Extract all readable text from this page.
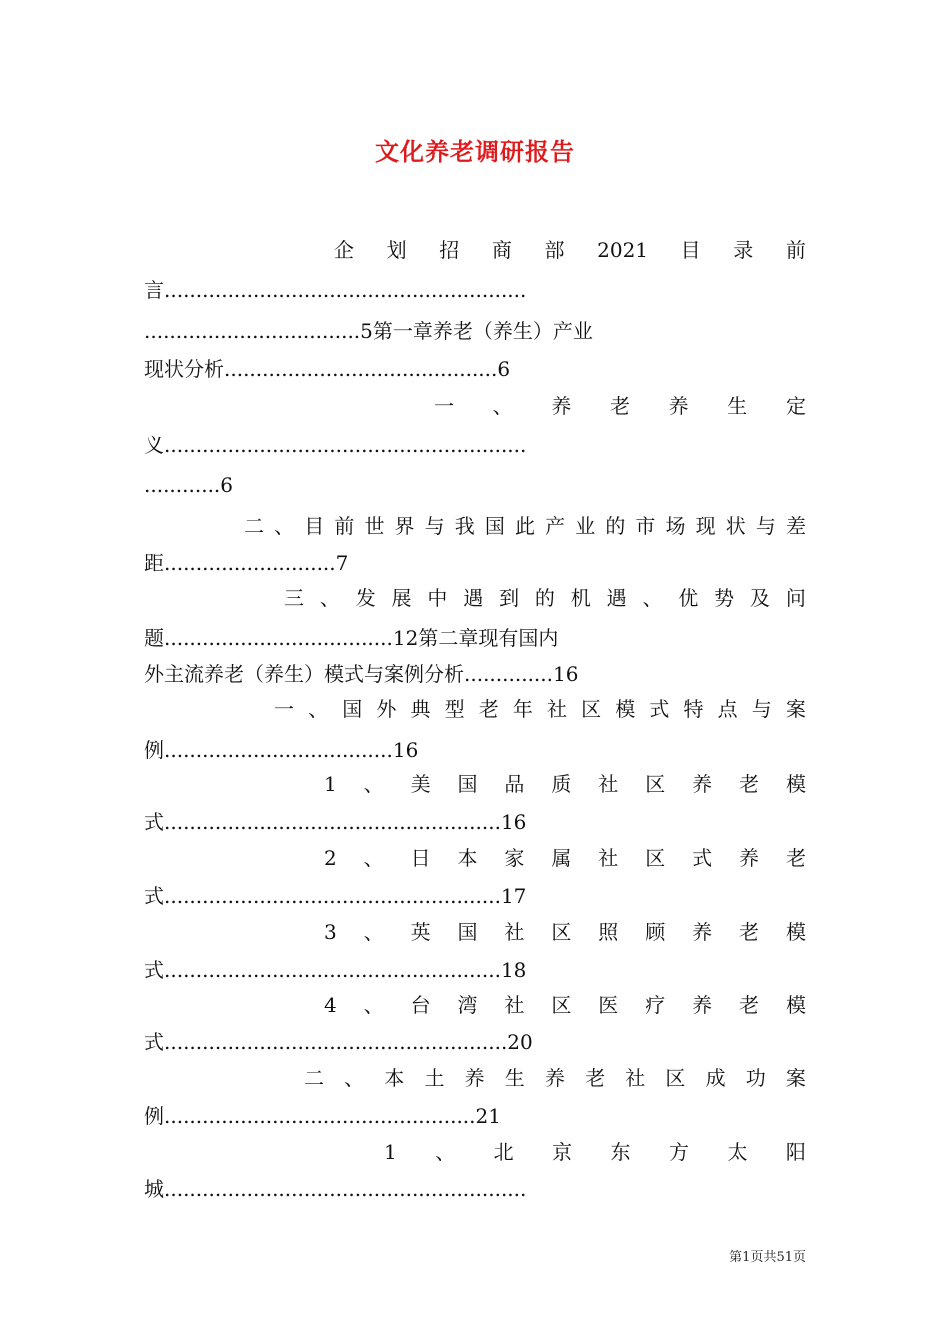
文化养老调研报告
企 划 招 商 部 2021 目 录 前
言.........................................................
..................................5第一章养老（养生）产业
现状分析...........................................6
一 、 养 老 养 生 定
义.........................................................
............6
二 、 目 前 世 界 与 我 国 此 产 业 的 市 场 现 状 与 差
距...........................7
三 、 发 展 中 遇 到 的 机 遇 、 优 势 及 问
题....................................12第二章现有国内
外主流养老（养生）模式与案例分析..............16
一 、 国 外 典 型 老 年 社 区 模 式 特 点 与 案
例....................................16
1 、 美 国 品 质 社 区 养 老 模
式.....................................................16
2 、 日 本 家 属 社 区 式 养 老
式.....................................................17
3 、 英 国 社 区 照 顾 养 老 模
式.....................................................18
4 、 台 湾 社 区 医 疗 养 老 模
式......................................................20
二 、 本 土 养 生 养 老 社 区 成 功 案
例.................................................21
1 、 北 京 东 方 太 阳
城.........................................................
第1页共51页
